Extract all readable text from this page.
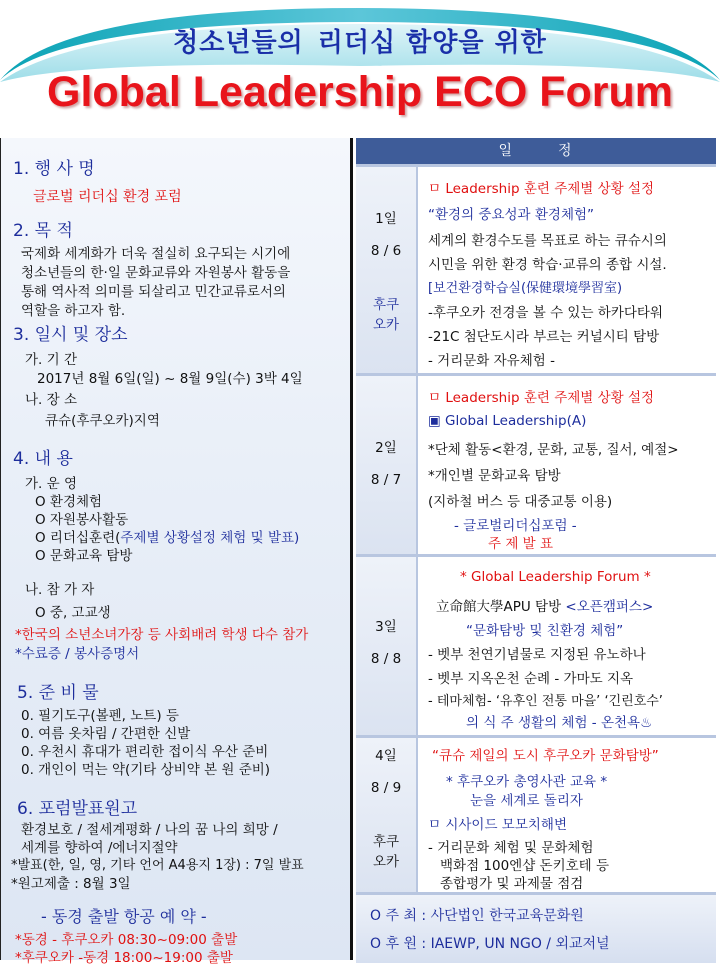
청소년들의 리더십 함양을 위한
Global Leadership ECO Forum
1. 행 사 명
글로벌 리더십 환경 포럼
2. 목 적
국제화 세계화가 더욱 절실히 요구되는 시기에
청소년들의 한·일 문화교류와 자원봉사 활동을
통해 역사적 의미를 되살리고 민간교류로서의
역할을 하고자 함.
3. 일시 및 장소
가. 기 간
2017년 8월 6일(일) ~ 8월 9일(수) 3박 4일
나. 장 소
큐슈(후쿠오카)지역
4. 내 용
가. 운 영
O 환경체험
O 자원봉사활동
O 리더십훈련(주제별 상황설정 체험 및 발표)
O 문화교육 탐방
나. 참 가 자
O 중, 고교생
*한국의 소년소녀가장 등 사회배려 학생 다수 참가
*수료증 / 봉사증명서
5. 준 비 물
0. 필기도구(볼펜, 노트) 등
0. 여름 옷차림 / 간편한 신발
0. 우천시 휴대가 편리한 접이식 우산 준비
0. 개인이 먹는 약(기타 상비약 본 원 준비)
6. 포럼발표원고
환경보호 / 절세계평화 / 나의 꿈 나의 희망 /
세계를 향하여 /에너지절약
*발표(한, 일, 영, 기타 언어 A4용지 1장) : 7일 발표
*원고제출 : 8월 3일
- 동경 출발 항공 예 약 -
*동경 - 후쿠오카 08:30~09:00 출발
*후쿠오카 -동경 18:00~19:00 출발
일	정
1일
8 / 6
후쿠
오카
ㅁ Leadership 훈련 주제별 상황 설정
“환경의 중요성과 환경체험”
세계의 환경수도를 목표로 하는 큐슈시의
시민을 위한 환경 학습·교류의 종합 시설.
[보건환경학습실(保健環境學習室)
-후쿠오카 전경을 볼 수 있는 하카다타워
-21C 첨단도시라 부르는 커널시티 탐방
- 거리문화 자유체험 -
2일
8 / 7
ㅁ Leadership 훈련 주제별 상황 설정
▣ Global Leadership(A)
*단체 활동<환경, 문화, 교통, 질서, 예절>
*개인별 문화교육 탐방
(지하철 버스 등 대중교통 이용)
- 글로벌리더십포럼 -
주 제 발 표
3일
8 / 8
* Global Leadership Forum *
立命館大學APU 탐방 <오픈캠퍼스>
“문화탐방 및 친환경 체험”
- 벳부 천연기념물로 지정된 유노하나
- 벳부 지옥온천 순례 - 가마도 지옥
- 테마체험- ‘유후인 전통 마을’ ‘긴린호수’
의 식 주 생활의 체험 - 온천욕♨
4일
8 / 9
후쿠
오카
“큐슈 제일의 도시 후쿠오카 문화탐방”
* 후쿠오카 총영사관 교육 *
눈을 세계로 돌리자
ㅁ 시사이드 모모치해변
- 거리문화 체험 및 문화체험
백화점 100엔샵 돈키호테 등
종합평가 및 과제물 점검
O 주 최 : 사단법인 한국교육문화원
O 후 원 : IAEWP, UN NGO / 외교저널
